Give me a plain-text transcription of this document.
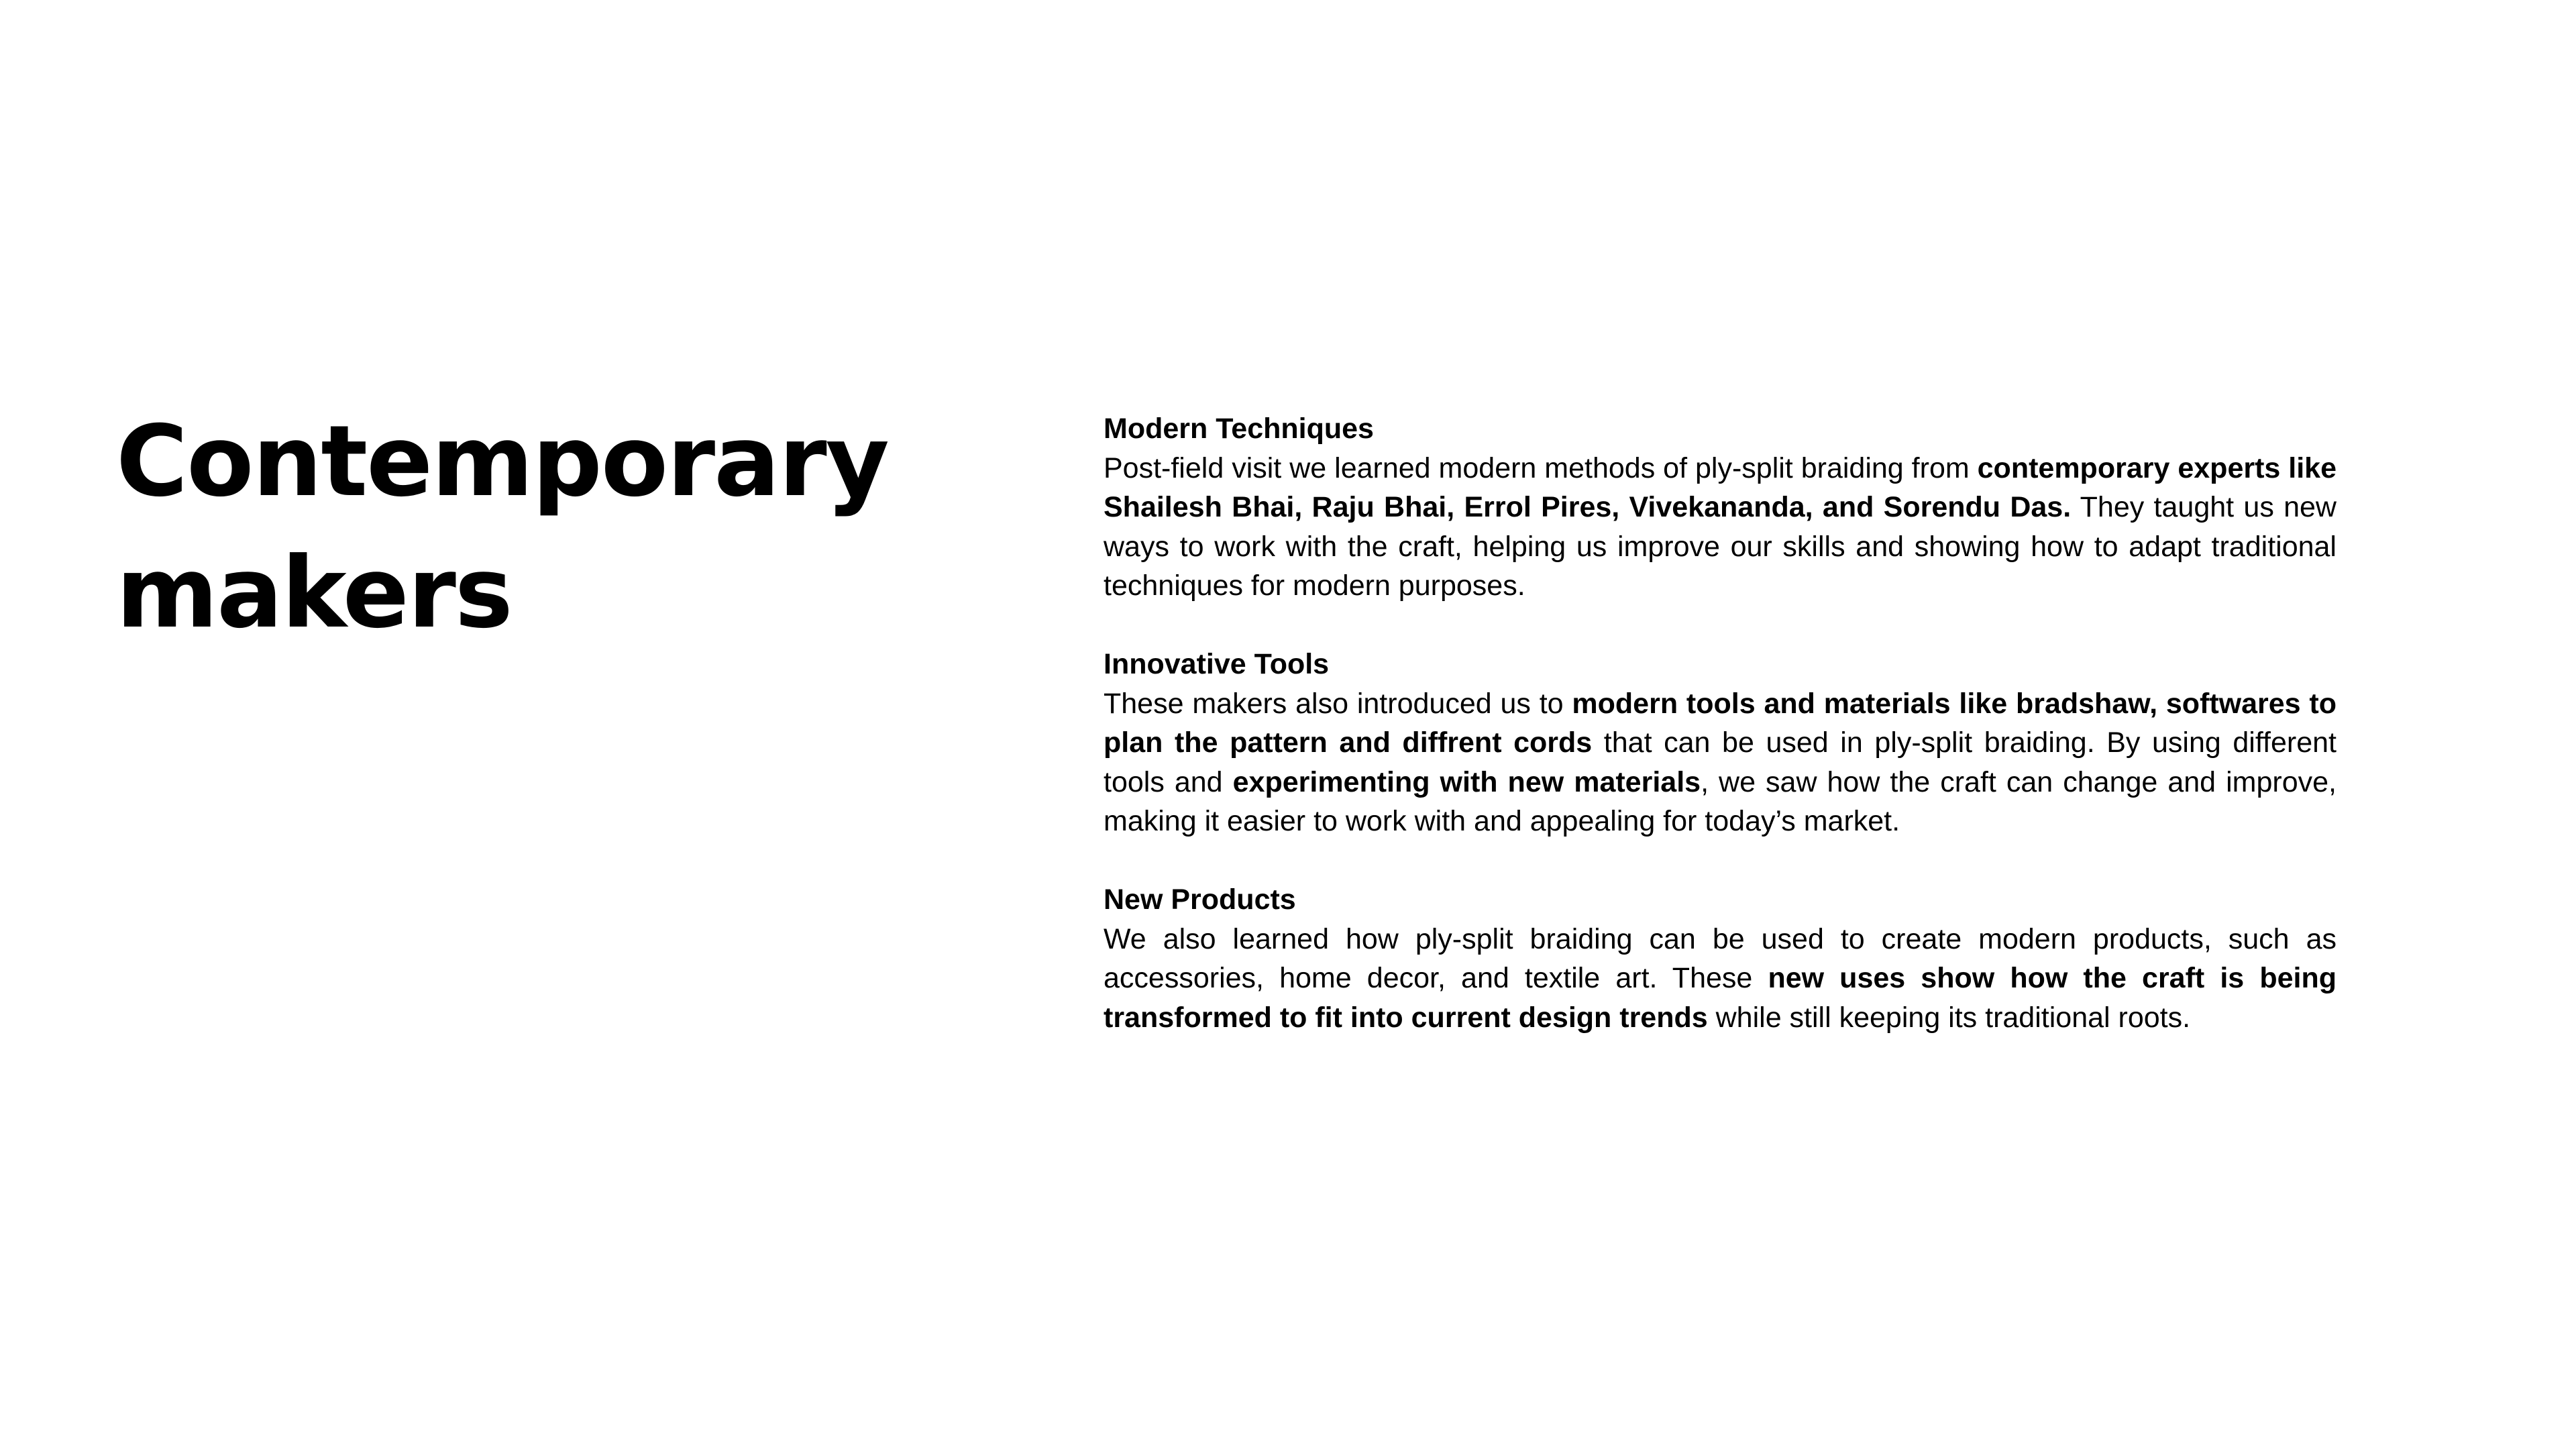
Contemporary
makers

Modern Techniques

Post-field visit we learned modern methods of ply-split braiding from contemporary experts like Shailesh Bhai, Raju Bhai, Errol Pires, Vivekananda, and Sorendu Das. They taught us new ways to work with the craft, helping us improve our skills and showing how to adapt traditional techniques for modern purposes.

Innovative Tools

These makers also introduced us to modern tools and materials like bradshaw, softwares to plan the pattern and diffrent cords that can be used in ply-split braiding. By using different tools and experimenting with new materials, we saw how the craft can change and improve, making it easier to work with and appealing for today’s market.

New Products

We also learned how ply-split braiding can be used to create modern products, such as accessories, home decor, and textile art. These new uses show how the craft is being transformed to fit into current design trends while still keeping its traditional roots.
